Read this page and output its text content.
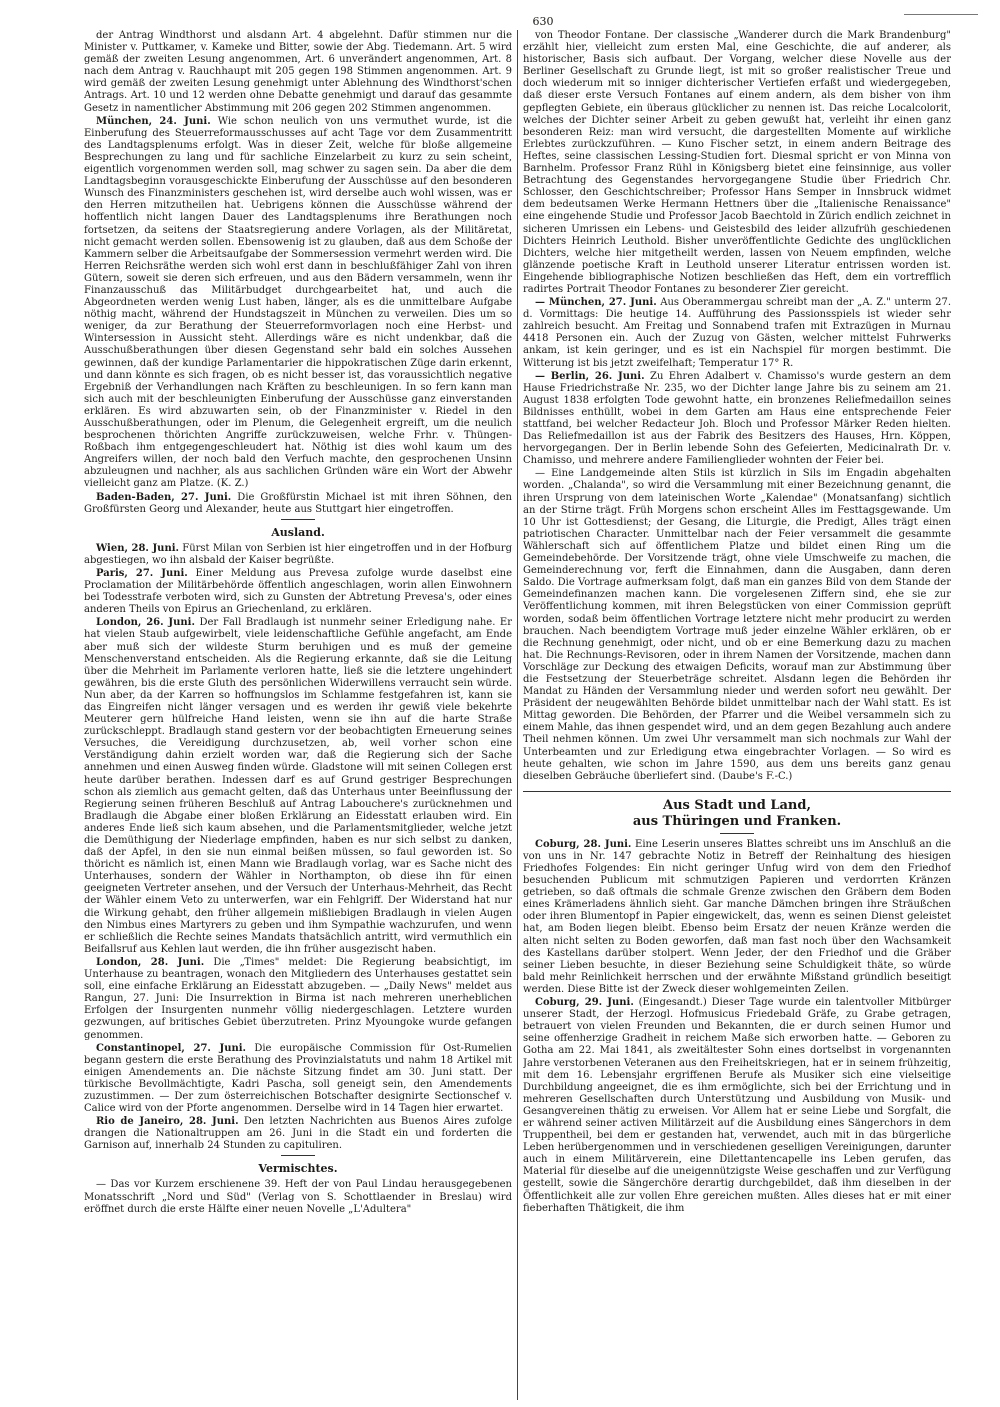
630

der Antrag Windthorst und alsdann Art. 4 abgelehnt. Dafür stimmen nur die Minister v. Puttkamer, v. Kameke und Bitter, sowie der Abg. Tiedemann. Art. 5 wird gemäß der zweiten Lesung angenommen, Art. 6 unverändert angenommen, Art. 8 nach dem Antrag v. Rauchhaupt mit 205 gegen 198 Stimmen angenommen. Art. 9 wird gemäß der zweiten Lesung genehmigt unter Ablehnung des Windthorst'schen Antrags. Art. 10 und 12 werden ohne Debatte genehmigt und darauf das gesammte Gesetz in namentlicher Abstimmung mit 206 gegen 202 Stimmen angenommen.

München, 24. Juni. Wie schon neulich von uns vermuthet wurde, ist die Einberufung des Steuerreformausschusses auf acht Tage vor dem Zusammentritt des Landtagsplenums erfolgt. Was in dieser Zeit, welche für bloße allgemeine Besprechungen zu lang und für sachliche Einzelarbeit zu kurz zu sein scheint, eigentlich vorgenommen werden soll, mag schwer zu sagen sein. Da aber die dem Landtagsbeginn vorausgeschickte Einberufung der Ausschüsse auf den besonderen Wunsch des Finanzministers geschehen ist, wird derselbe auch wohl wissen, was er den Herren mitzutheilen hat. Uebrigens können die Ausschüsse während der hoffentlich nicht langen Dauer des Landtagsplenums ihre Berathungen noch fortsetzen, da seitens der Staatsregierung andere Vorlagen, als der Militäretat, nicht gemacht werden sollen. Ebensowenig ist zu glauben, daß aus dem Schoße der Kammern selber die Arbeitsaufgabe der Sommersession vermehrt werden wird. Die Herren Reichsräthe werden sich wohl erst dann in beschlußfähiger Zahl von ihren Gütern, soweit sie deren sich erfreuen, und aus den Bädern versammeln, wenn ihr Finanzausschuß das Militärbudget durchgearbeitet hat, und auch die Abgeordneten werden wenig Lust haben, länger, als es die unmittelbare Aufgabe nöthig macht, während der Hundstagszeit in München zu verweilen. Dies um so weniger, da zur Berathung der Steuerreformvorlagen noch eine Herbst- und Wintersession in Aussicht steht. Allerdings wäre es nicht undenkbar, daß die Ausschußberathungen über diesen Gegenstand sehr bald ein solches Aussehen gewinnen, daß der kundige Parlamentarier die hippokratischen Züge darin erkennt, und dann könnte es sich fragen, ob es nicht besser ist, das voraussichtlich negative Ergebniß der Verhandlungen nach Kräften zu beschleunigen. In so fern kann man sich auch mit der beschleunigten Einberufung der Ausschüsse ganz einverstanden erklären. Es wird abzuwarten sein, ob der Finanzminister v. Riedel in den Ausschußberathungen, oder im Plenum, die Gelegenheit ergreift, um die neulich besprochenen thörichten Angriffe zurückzuweisen, welche Frhr. v. Thüngen-Roßbach ihm entgegengeschleudert hat. Nöthig ist dies wohl kaum um des Angreifers willen, der noch bald den Verfuch machte, den gesprochenen Unsinn abzuleugnen und nachher, als aus sachlichen Gründen wäre ein Wort der Abwehr vielleicht ganz am Platze. (K. Z.)

Baden-Baden, 27. Juni. Die Großfürstin Michael ist mit ihren Söhnen, den Großfürsten Georg und Alexander, heute aus Stuttgart hier eingetroffen.

Ausland.

Wien, 28. Juni. Fürst Milan von Serbien ist hier eingetroffen und in der Hofburg abgestiegen, wo ihn alsbald der Kaiser begrüßte.

Paris, 27. Juni. Einer Meldung aus Prevesa zufolge wurde daselbst eine Proclamation der Militärbehörde öffentlich angeschlagen, worin allen Einwohnern bei Todesstrafe verboten wird, sich zu Gunsten der Abtretung Prevesa's, oder eines anderen Theils von Epirus an Griechenland, zu erklären.

London, 26. Juni. Der Fall Bradlaugh ist nunmehr seiner Erledigung nahe. Er hat vielen Staub aufgewirbelt, viele leidenschaftliche Gefühle angefacht, am Ende aber muß sich der wildeste Sturm beruhigen und es muß der gemeine Menschenverstand entscheiden. Als die Regierung erkannte, daß sie die Leitung über die Mehrheit im Parlamente verloren hatte, ließ sie die letztere ungehindert gewähren, bis die erste Gluth des persönlichen Widerwillens verraucht sein würde. Nun aber, da der Karren so hoffnungslos im Schlamme festgefahren ist, kann sie das Eingreifen nicht länger versagen und es werden ihr gewiß viele bekehrte Meuterer gern hülfreiche Hand leisten, wenn sie ihn auf die harte Straße zurückschleppt. Bradlaugh stand gestern vor der beobachtigten Erneuerung seines Versuches, die Vereidigung durchzusetzen, ab, weil vorher schon eine Verständigung dahin erzielt worden war, daß die Regierung sich der Sache annehmen und einen Ausweg finden würde. Gladstone will mit seinen Collegen erst heute darüber berathen. Indessen darf es auf Grund gestriger Besprechungen schon als ziemlich aus gemacht gelten, daß das Unterhaus unter Beeinflussung der Regierung seinen früheren Beschluß auf Antrag Labouchere's zurücknehmen und Bradlaugh die Abgabe einer bloßen Erklärung an Eidesstatt erlauben wird. Ein anderes Ende ließ sich kaum absehen, und die Parlamentsmitglieder, welche jetzt die Demüthigung der Niederlage empfinden, haben es nur sich selbst zu danken, daß der Apfel, in den sie nun einmal beißen müssen, so faul geworden ist. So thöricht es nämlich ist, einen Mann wie Bradlaugh vorlag, war es Sache nicht des Unterhauses, sondern der Wähler in Northampton, ob diese ihn für einen geeigneten Vertreter ansehen, und der Versuch der Unterhaus-Mehrheit, das Recht der Wähler einem Veto zu unterwerfen, war ein Fehlgriff. Der Widerstand hat nur die Wirkung gehabt, den früher allgemein mißliebigen Bradlaugh in vielen Augen den Nimbus eines Martyrers zu geben und ihm Sympathie wachzurufen, und wenn er schließlich die Rechte seines Mandats thatsächlich antritt, wird vermuthlich ein Beifallsruf aus Kehlen laut werden, die ihn früher ausgezischt haben.

London, 28. Juni. Die „Times" meldet: Die Regierung beabsichtigt, im Unterhause zu beantragen, wonach den Mitgliedern des Unterhauses gestattet sein soll, eine einfache Erklärung an Eidesstatt abzugeben. — „Daily News" meldet aus Rangun, 27. Juni: Die Insurrektion in Birma ist nach mehreren unerheblichen Erfolgen der Insurgenten nunmehr völlig niedergeschlagen. Letztere wurden gezwungen, auf britisches Gebiet überzutreten. Prinz Myoungoke wurde gefangen genommen.

Constantinopel, 27. Juni. Die europäische Commission für Ost-Rumelien begann gestern die erste Berathung des Provinzialstatuts und nahm 18 Artikel mit einigen Amendements an. Die nächste Sitzung findet am 30. Juni statt. Der türkische Bevollmächtigte, Kadri Pascha, soll geneigt sein, den Amendements zuzustimmen. — Der zum österreichischen Botschafter designirte Sectionschef v. Calice wird von der Pforte angenommen. Derselbe wird in 14 Tagen hier erwartet.

Rio de Janeiro, 28. Juni. Den letzten Nachrichten aus Buenos Aires zufolge drangen die Nationaltruppen am 26. Juni in die Stadt ein und forderten die Garnison auf, innerhalb 24 Stunden zu capituliren.

Vermischtes.

— Das vor Kurzem erschienene 39. Heft der von Paul Lindau herausgegebenen Monatsschrift „Nord und Süd" (Verlag von S. Schottlaender in Breslau) wird eröffnet durch die erste Hälfte einer neuen Novelle „L'Adultera"

von Theodor Fontane. Der classische „Wanderer durch die Mark Brandenburg" erzählt hier, vielleicht zum ersten Mal, eine Geschichte, die auf anderer, als historischer, Basis sich aufbaut. Der Vorgang, welcher diese Novelle aus der Berliner Gesellschaft zu Grunde liegt, ist mit so großer realistischer Treue und doch wiederum mit so inniger dichterischer Vertiefen erfaßt und wiedergegeben, daß dieser erste Versuch Fontanes auf einem andern, als dem bisher von ihm gepflegten Gebiete, ein überaus glücklicher zu nennen ist. Das reiche Localcolorit, welches der Dichter seiner Arbeit zu geben gewußt hat, verleiht ihr einen ganz besonderen Reiz: man wird versucht, die dargestellten Momente auf wirkliche Erlebtes zurückzuführen. — Kuno Fischer setzt, in einem andern Beitrage des Heftes, seine classischen Lessing-Studien fort. Diesmal spricht er von Minna von Barnhelm. Professor Franz Rühl in Königsberg bietet eine feinsinnige, aus voller Betrachtung des Gegenstandes hervorgegangene Studie über Friedrich Chr. Schlosser, den Geschichtschreiber; Professor Hans Semper in Innsbruck widmet dem bedeutsamen Werke Hermann Hettners über die „Italienische Renaissance" eine eingehende Studie und Professor Jacob Baechtold in Zürich endlich zeichnet in sicheren Umrissen ein Lebens- und Geistesbild des leider allzufrüh geschiedenen Dichters Heinrich Leuthold. Bisher unveröffentlichte Gedichte des unglücklichen Dichters, welche hier mitgetheilt werden, lassen von Neuem empfinden, welche glänzende poetische Kraft in Leuthold unserer Literatur entrissen worden ist. Eingehende bibliographische Notizen beschließen das Heft, dem ein vortrefflich radirtes Portrait Theodor Fontanes zu besonderer Zier gereicht.

— München, 27. Juni. Aus Oberammergau schreibt man der „A. Z." unterm 27. d. Vormittags: Die heutige 14. Aufführung des Passionsspiels ist wieder sehr zahlreich besucht. Am Freitag und Sonnabend trafen mit Extrazügen in Murnau 4418 Personen ein. Auch der Zuzug von Gästen, welcher mittelst Fuhrwerks ankam, ist kein geringer, und es ist ein Nachspiel für morgen bestimmt. Die Witterung ist bis jetzt zweifelhaft; Temperatur 17° R.

— Berlin, 26. Juni. Zu Ehren Adalbert v. Chamisso's wurde gestern an dem Hause Friedrichstraße Nr. 235, wo der Dichter lange Jahre bis zu seinem am 21. August 1838 erfolgten Tode gewohnt hatte, ein bronzenes Reliefmedaillon seines Bildnisses enthüllt, wobei in dem Garten am Haus eine entsprechende Feier stattfand, bei welcher Redacteur Joh. Bloch und Professor Märker Reden hielten. Das Reliefmedaillon ist aus der Fabrik des Besitzers des Hauses, Hrn. Köppen, hervorgegangen. Der in Berlin lebende Sohn des Gefeierten, Medicinalrath Dr. v. Chamisso, und mehrere andere Familienglieder wohnten der Feier bei.

— Eine Landgemeinde alten Stils ist kürzlich in Sils im Engadin abgehalten worden. „Chalanda", so wird die Versammlung mit einer Bezeichnung genannt, die ihren Ursprung von dem lateinischen Worte „Kalendae" (Monatsanfang) sichtlich an der Stirne trägt. Früh Morgens schon erscheint Alles im Festtagsgewande. Um 10 Uhr ist Gottesdienst; der Gesang, die Liturgie, die Predigt, Alles trägt einen patriotischen Character. Unmittelbar nach der Feier versammelt die gesammte Wählerschaft sich auf öffentlichem Platze und bildet einen Ring um die Gemeindebehörde. Der Vorsitzende trägt, ohne viele Umschweife zu machen, die Gemeinderechnung vor, ferft die Einnahmen, dann die Ausgaben, dann deren Saldo. Die Vortrage aufmerksam folgt, daß man ein ganzes Bild von dem Stande der Gemeindefinanzen machen kann. Die vorgelesenen Ziffern sind, ehe sie zur Veröffentlichung kommen, mit ihren Belegstücken von einer Commission geprüft worden, sodaß beim öffentlichen Vortrage letztere nicht mehr producirt zu werden brauchen. Nach beendigtem Vortrage muß jeder einzelne Wähler erklären, ob er die Rechnung genehmigt, oder nicht, und ob er eine Bemerkung dazu zu machen hat. Die Rechnungs-Revisoren, oder in ihrem Namen der Vorsitzende, machen dann Vorschläge zur Deckung des etwaigen Deficits, worauf man zur Abstimmung über die Festsetzung der Steuerbeträge schreitet. Alsdann legen die Behörden ihr Mandat zu Händen der Versammlung nieder und werden sofort neu gewählt. Der Präsident der neugewählten Behörde bildet unmittelbar nach der Wahl statt. Es ist Mittag geworden. Die Behörden, der Pfarrer und die Weibel versammeln sich zu einem Mahle, das ihnen gespendet wird, und an dem gegen Bezahlung auch andere Theil nehmen können. Um zwei Uhr versammelt man sich nochmals zur Wahl der Unterbeamten und zur Erledigung etwa eingebrachter Vorlagen. — So wird es heute gehalten, wie schon im Jahre 1590, aus dem uns bereits ganz genau dieselben Gebräuche überliefert sind. (Daube's F.-C.)

Aus Stadt und Land,
aus Thüringen und Franken.

Coburg, 28. Juni. Eine Leserin unseres Blattes schreibt uns im Anschluß an die von uns in Nr. 147 gebrachte Notiz in Betreff der Reinhaltung des hiesigen Friedhofes Folgendes: Ein nicht geringer Unfug wird von dem den Friedhof besuchenden Publicum mit schmutzigen Papieren und verdorrten Kränzen getrieben, so daß oftmals die schmale Grenze zwischen den Gräbern dem Boden eines Krämerladens ähnlich sieht. Gar manche Dämchen bringen ihre Sträußchen oder ihren Blumentopf in Papier eingewickelt, das, wenn es seinen Dienst geleistet hat, am Boden liegen bleibt. Ebenso beim Ersatz der neuen Kränze werden die alten nicht selten zu Boden geworfen, daß man fast noch über den Wachsamkeit des Kastellans darüber stolpert. Wenn Jeder, der den Friedhof und die Gräber seiner Lieben besuchte, in dieser Beziehung seine Schuldigkeit thäte, so würde bald mehr Reinlichkeit herrschen und der erwähnte Mißstand gründlich beseitigt werden. Diese Bitte ist der Zweck dieser wohlgemeinten Zeilen.

Coburg, 29. Juni. (Eingesandt.) Dieser Tage wurde ein talentvoller Mitbürger unserer Stadt, der Herzogl. Hofmusicus Friedebald Gräfe, zu Grabe getragen, betrauert von vielen Freunden und Bekannten, die er durch seinen Humor und seine offenherzige Gradheit in reichem Maße sich erworben hatte. — Geboren zu Gotha am 22. Mai 1841, als zweitältester Sohn eines dortselbst in vorgenannten Jahre verstorbenen Veteranen aus den Freiheitskriegen, hat er in seinem frühzeitig, mit dem 16. Lebensjahr ergriffenen Berufe als Musiker sich eine vielseitige Durchbildung angeeignet, die es ihm ermöglichte, sich bei der Errichtung und in mehreren Gesellschaften durch Unterstützung und Ausbildung von Musik- und Gesangvereinen thätig zu erweisen. Vor Allem hat er seine Liebe und Sorgfalt, die er während seiner activen Militärzeit auf die Ausbildung eines Sängerchors in dem Truppentheil, bei dem er gestanden hat, verwendet, auch mit in das bürgerliche Leben herübergenommen und in verschiedenen geselligen Vereinigungen, darunter auch in einem Militärverein, eine Dilettantencapelle ins Leben gerufen, das Material für dieselbe auf die uneigennützigste Weise geschaffen und zur Verfügung gestellt, sowie die Sängerchöre derartig durchgebildet, daß ihm dieselben in der Öffentlichkeit alle zur vollen Ehre gereichen mußten. Alles dieses hat er mit einer fieberhaften Thätigkeit, die ihm
